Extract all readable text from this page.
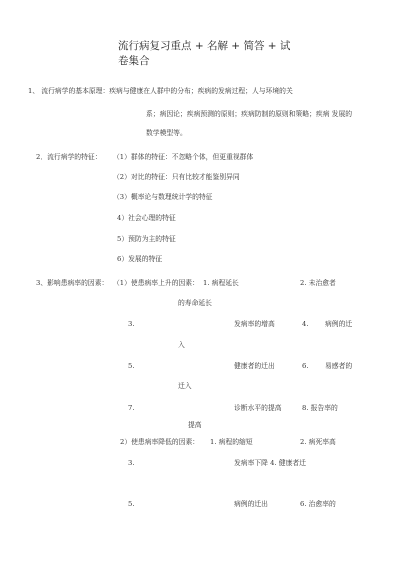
流行病复习重点 + 名解 + 简答 + 试
卷集合
1、 流行病学的基本原理：疾病与健康在人群中的分布；疾病的发病过程；人与环境的关
系；病因论；疾病预测的原则；疾病防制的原则和策略；疾病 发展的
数学模型等。
2．流行病学的特征： （1）群体的特征：不忽略个体，但更重视群体
（2）对比的特征：只有比较才能鉴别异同
（3）概率论与数理统计学的特征
4）社会心理的特征
5）预防为主的特征
6）发展的特征
3、影响患病率的因素： （1）使患病率上升的因素： 1. 病程延长	2. 未治愈者
的寿命延长
3.	发病率的增高	4. 病例的迁
入
5.	健康者的迁出	6. 易感者的
迁入
7.	诊断水平的提高	8. 报告率的
提高
2）使患病率降低的因素： 1. 病程的缩短	2. 病死率高
3.	发病率下降 4. 健康者迁
5.	病例的迁出	6. 治愈率的
